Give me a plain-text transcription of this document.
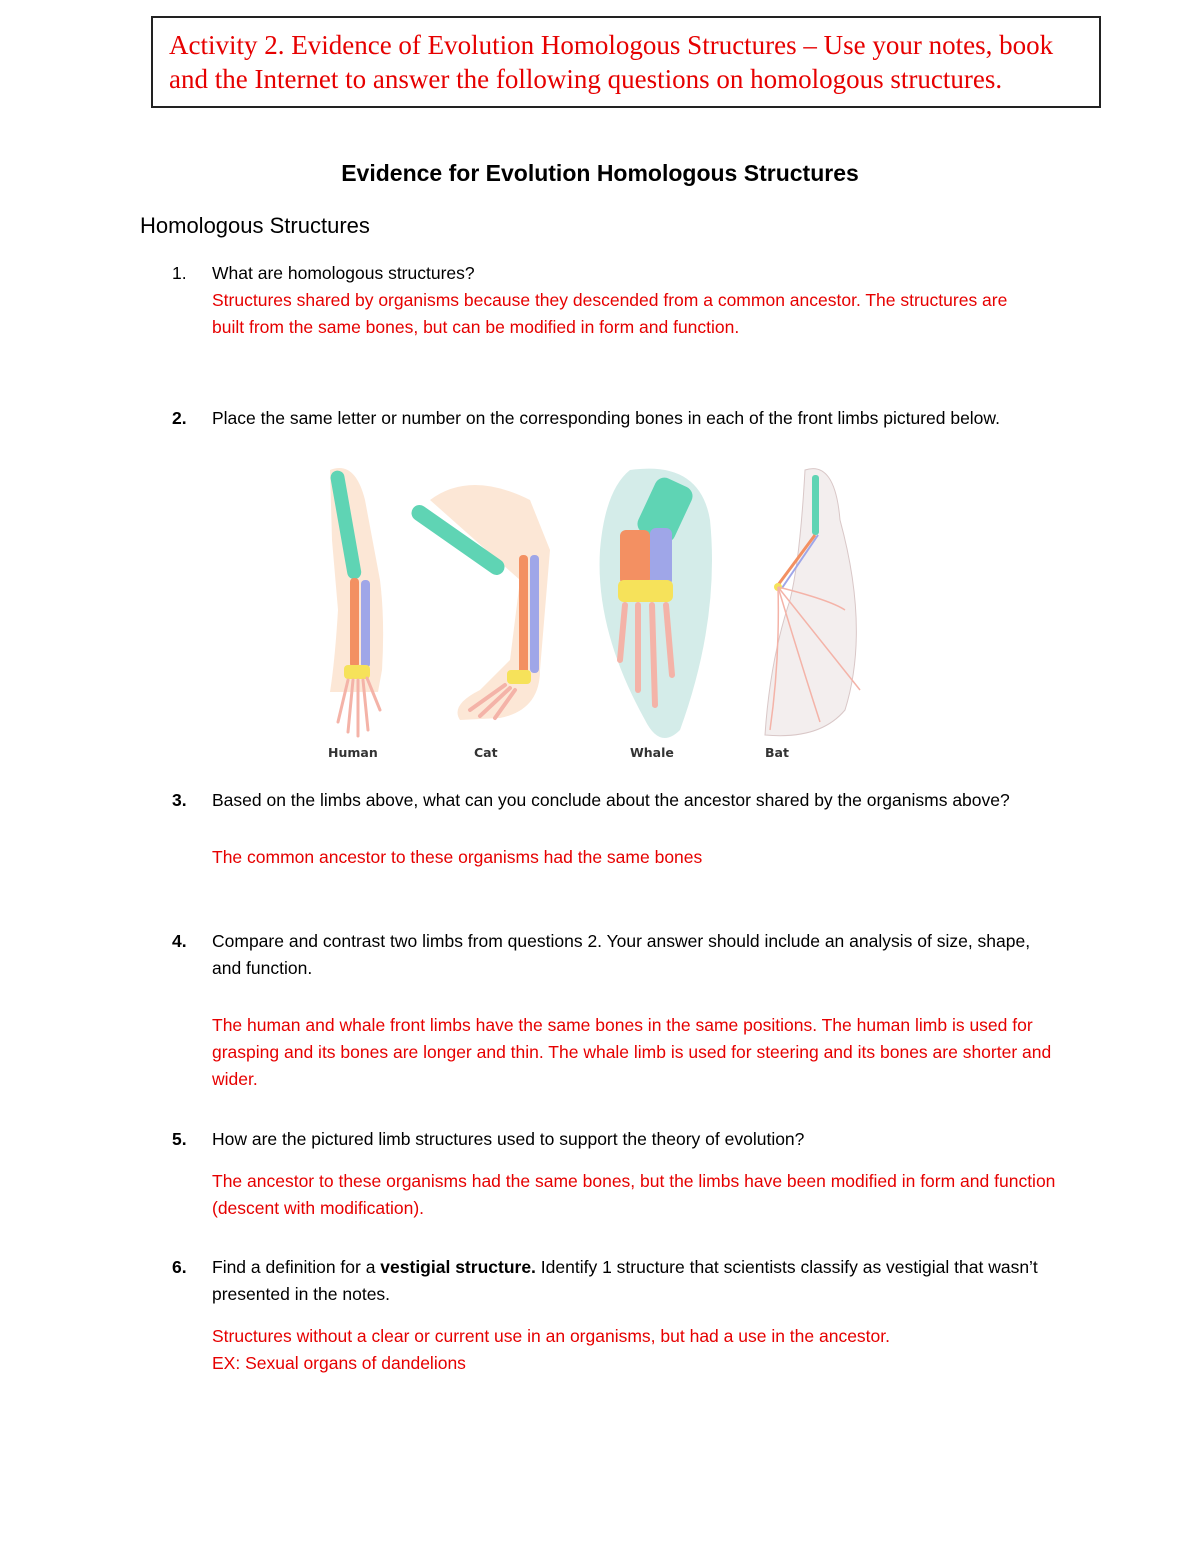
Activity 2. Evidence of Evolution Homologous Structures – Use your notes, book
and the Internet to answer the following questions on homologous structures.
Evidence for Evolution Homologous Structures
Homologous Structures
1.	What are homologous structures?
Structures shared by organisms because they descended from a common ancestor. The structures are built from the same bones, but can be modified in form and function.
2.	Place the same letter or number on the corresponding bones in each of the front limbs pictured below.
Human	Cat	Whale	Bat
3.	Based on the limbs above, what can you conclude about the ancestor shared by the organisms above?
The common ancestor to these organisms had the same bones
4.	Compare and contrast two limbs from questions 2. Your answer should include an analysis of size, shape, and function.
The human and whale front limbs have the same bones in the same positions. The human limb is used for grasping and its bones are longer and thin. The whale limb is used for steering and its bones are shorter and wider.
5.	How are the pictured limb structures used to support the theory of evolution?
The ancestor to these organisms had the same bones, but the limbs have been modified in form and function (descent with modification).
6.	Find a definition for a vestigial structure. Identify 1 structure that scientists classify as vestigial that wasn’t presented in the notes.
Structures without a clear or current use in an organisms, but had a use in the ancestor.
EX: Sexual organs of dandelions
